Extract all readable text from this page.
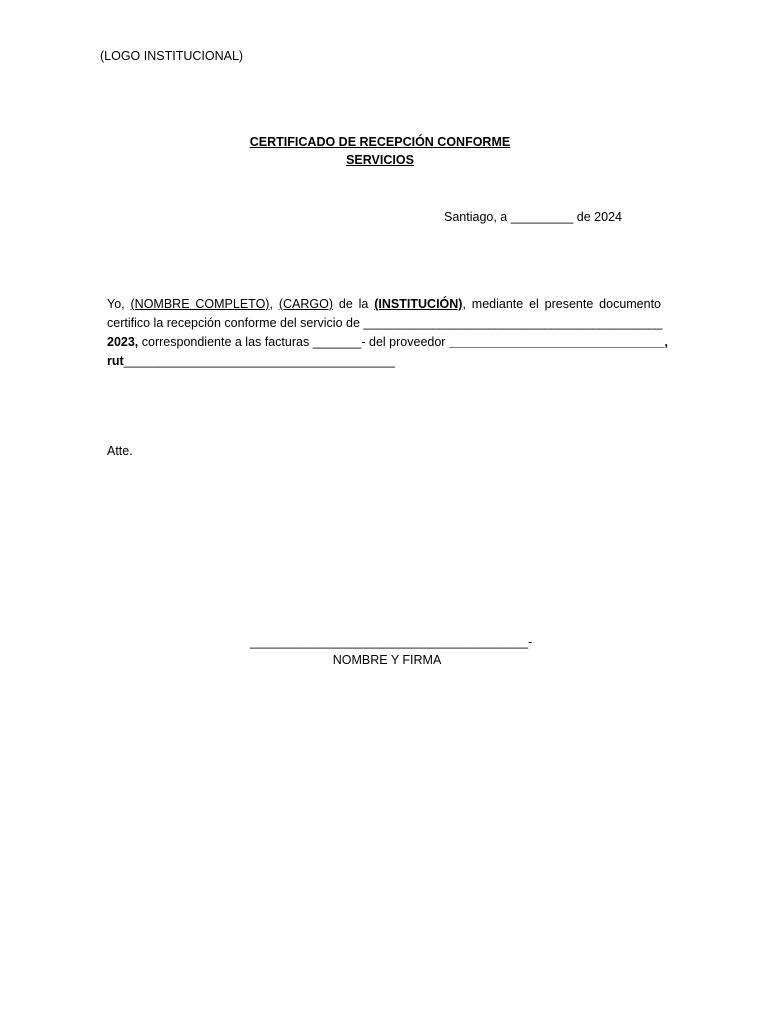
(LOGO INSTITUCIONAL)
CERTIFICADO DE RECEPCIÓN CONFORME
SERVICIOS
Santiago, a _________ de 2024
Yo, (NOMBRE COMPLETO), (CARGO) de la (INSTITUCIÓN), mediante el presente documento
certifico la recepción conforme del servicio de ___________________________________________
2023, correspondiente a las facturas _______- del proveedor _______________________________,
rut_______________________________________
Atte.
________________________________________-
NOMBRE Y FIRMA
